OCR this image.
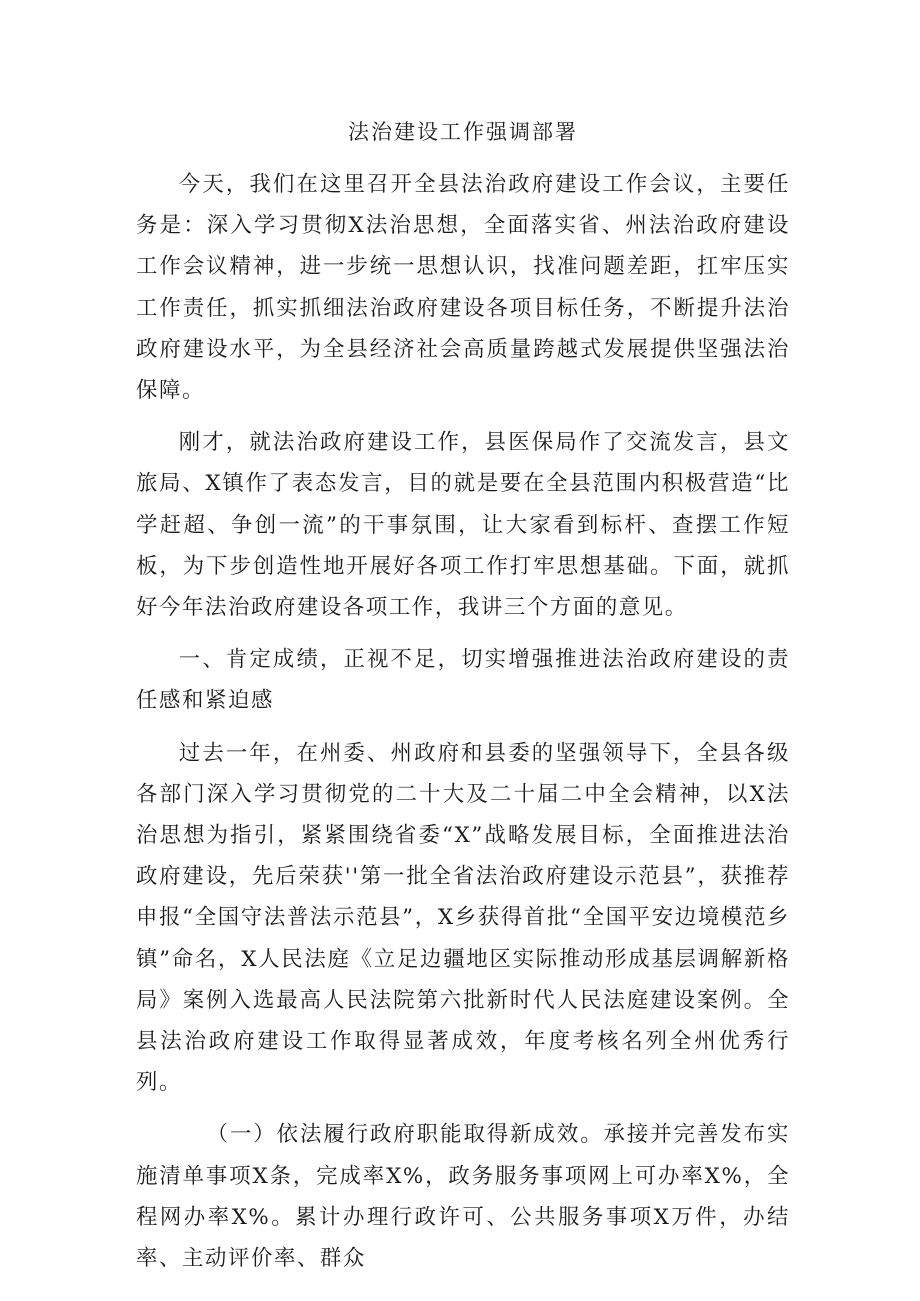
法治建设工作强调部署

今天，我们在这里召开全县法治政府建设工作会议，主要任务是：深入学习贯彻X法治思想，全面落实省、州法治政府建设工作会议精神，进一步统一思想认识，找准问题差距，扛牢压实工作责任，抓实抓细法治政府建设各项目标任务，不断提升法治政府建设水平，为全县经济社会高质量跨越式发展提供坚强法治保障。

刚才，就法治政府建设工作，县医保局作了交流发言，县文旅局、X镇作了表态发言，目的就是要在全县范围内积极营造“比学赶超、争创一流”的干事氛围，让大家看到标杆、查摆工作短板，为下步创造性地开展好各项工作打牢思想基础。下面，就抓好今年法治政府建设各项工作，我讲三个方面的意见。

一、肯定成绩，正视不足，切实增强推进法治政府建设的责任感和紧迫感

过去一年，在州委、州政府和县委的坚强领导下，全县各级各部门深入学习贯彻党的二十大及二十届二中全会精神，以X法治思想为指引，紧紧围绕省委“X”战略发展目标，全面推进法治政府建设，先后荣获''第一批全省法治政府建设示范县”，获推荐申报“全国守法普法示范县”，X乡获得首批“全国平安边境模范乡镇”命名，X人民法庭《立足边疆地区实际推动形成基层调解新格局》案例入选最高人民法院第六批新时代人民法庭建设案例。全县法治政府建设工作取得显著成效，年度考核名列全州优秀行列。

（一）依法履行政府职能取得新成效。承接并完善发布实施清单事项X条，完成率X%，政务服务事项网上可办率X%，全程网办率X%。累计办理行政许可、公共服务事项X万件，办结率、主动评价率、群众
